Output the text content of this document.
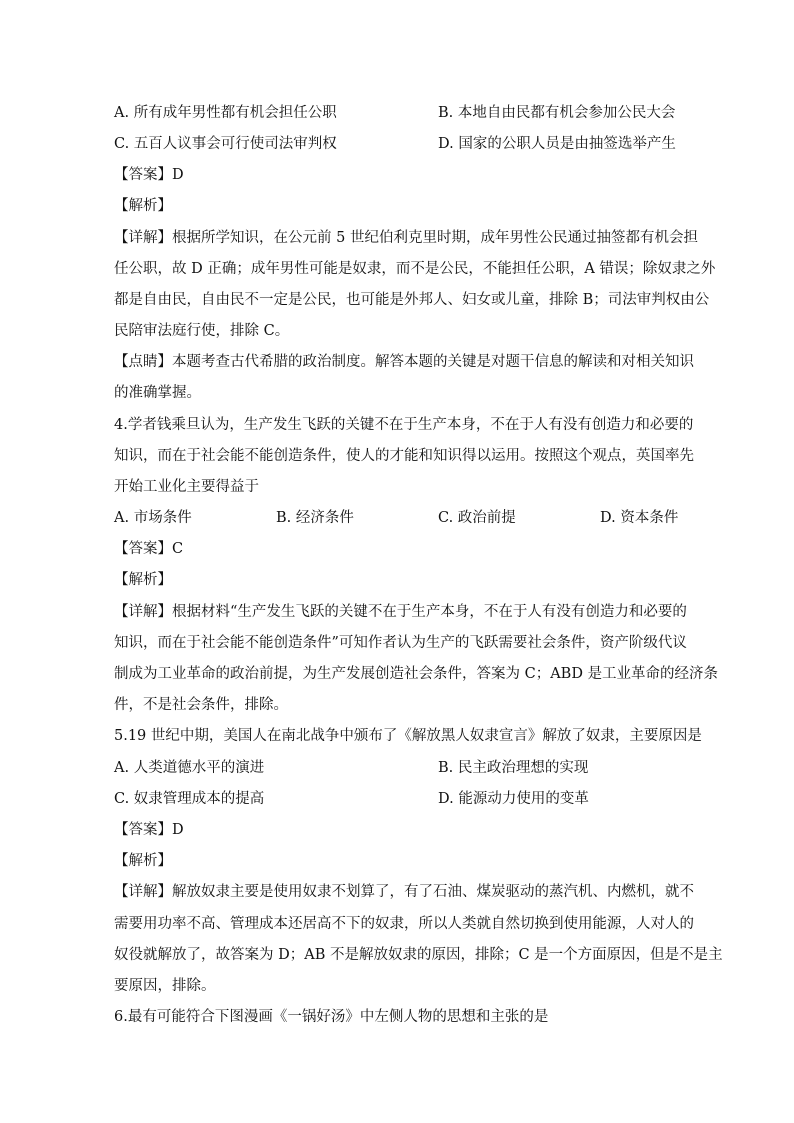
A. 所有成年男性都有机会担任公职	B. 本地自由民都有机会参加公民大会
C. 五百人议事会可行使司法审判权	D. 国家的公职人员是由抽签选举产生
【答案】D
【解析】
【详解】根据所学知识，在公元前 5 世纪伯利克里时期，成年男性公民通过抽签都有机会担
任公职，故 D 正确；成年男性可能是奴隶，而不是公民，不能担任公职，A 错误；除奴隶之外
都是自由民，自由民不一定是公民，也可能是外邦人、妇女或儿童，排除 B；司法审判权由公
民陪审法庭行使，排除 C。
【点睛】本题考查古代希腊的政治制度。解答本题的关键是对题干信息的解读和对相关知识
的准确掌握。
4.学者钱乘旦认为，生产发生飞跃的关键不在于生产本身，不在于人有没有创造力和必要的
知识，而在于社会能不能创造条件，使人的才能和知识得以运用。按照这个观点，英国率先
开始工业化主要得益于
A. 市场条件	B. 经济条件	C. 政治前提	D. 资本条件
【答案】C
【解析】
【详解】根据材料“生产发生飞跃的关键不在于生产本身，不在于人有没有创造力和必要的
知识，而在于社会能不能创造条件”可知作者认为生产的飞跃需要社会条件，资产阶级代议
制成为工业革命的政治前提，为生产发展创造社会条件，答案为 C；ABD 是工业革命的经济条
件，不是社会条件，排除。
5.19 世纪中期，美国人在南北战争中颁布了《解放黑人奴隶宣言》解放了奴隶，主要原因是
A. 人类道德水平的演进	B. 民主政治理想的实现
C. 奴隶管理成本的提高	D. 能源动力使用的变革
【答案】D
【解析】
【详解】解放奴隶主要是使用奴隶不划算了，有了石油、煤炭驱动的蒸汽机、内燃机，就不
需要用功率不高、管理成本还居高不下的奴隶，所以人类就自然切换到使用能源，人对人的
奴役就解放了，故答案为 D；AB 不是解放奴隶的原因，排除；C 是一个方面原因，但是不是主
要原因，排除。
6.最有可能符合下图漫画《一锅好汤》中左侧人物的思想和主张的是
